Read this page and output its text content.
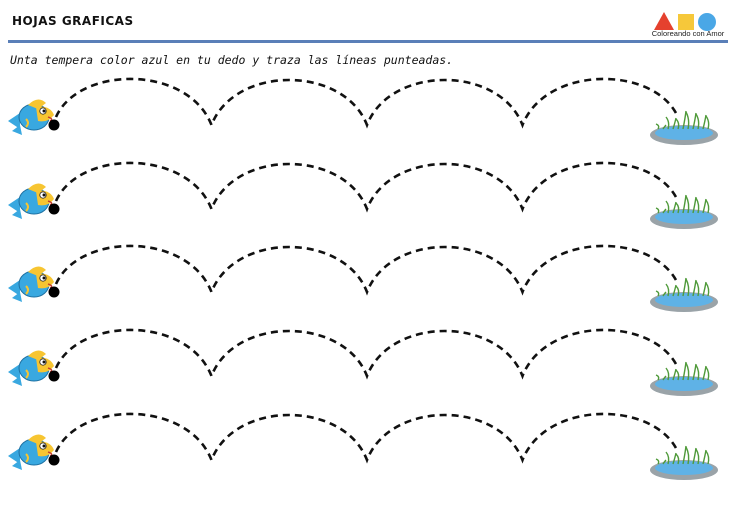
HOJAS GRAFICAS
Coloreando con Amor
Unta tempera color azul en tu dedo y traza las líneas punteadas.
